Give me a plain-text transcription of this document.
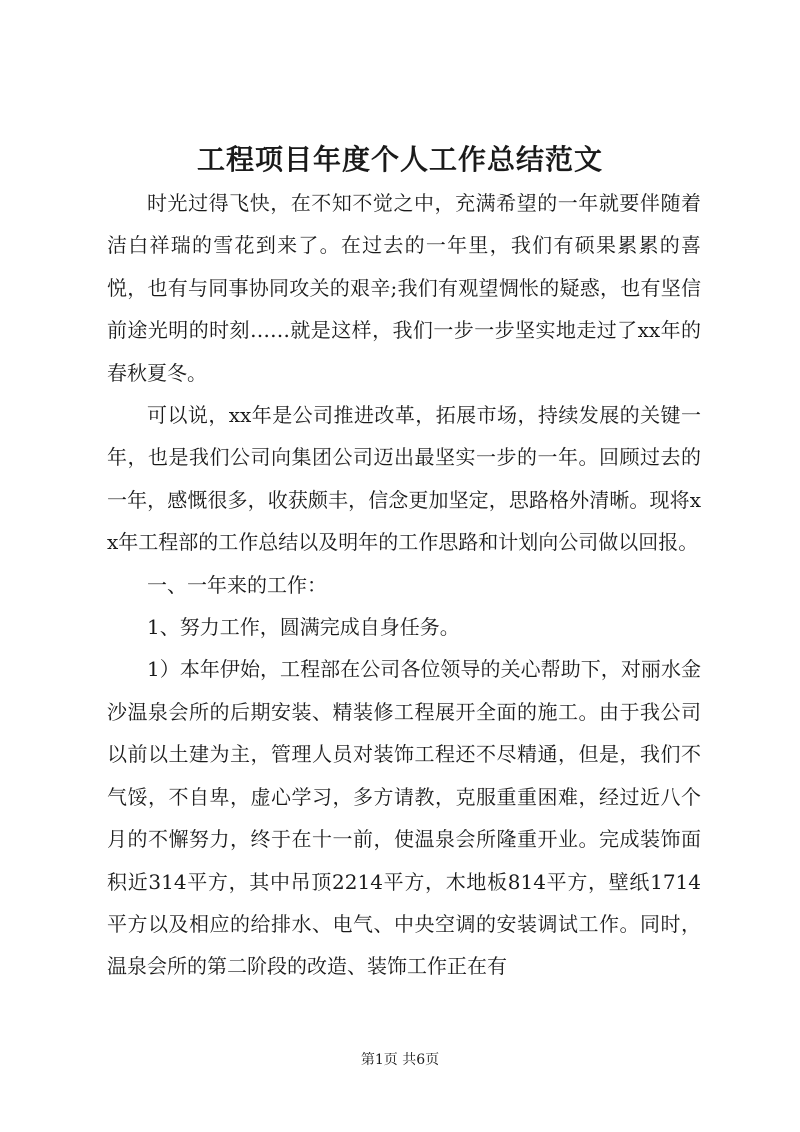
工程项目年度个人工作总结范文

时光过得飞快，在不知不觉之中，充满希望的一年就要伴随着洁白祥瑞的雪花到来了。在过去的一年里，我们有硕果累累的喜悦，也有与同事协同攻关的艰辛;我们有观望惆怅的疑惑，也有坚信前途光明的时刻……就是这样，我们一步一步坚实地走过了xx年的春秋夏冬。

可以说，xx年是公司推进改革，拓展市场，持续发展的关键一年，也是我们公司向集团公司迈出最坚实一步的一年。回顾过去的一年，感慨很多，收获颇丰，信念更加坚定，思路格外清晰。现将xx年工程部的工作总结以及明年的工作思路和计划向公司做以回报。

一、一年来的工作：

1、努力工作，圆满完成自身任务。

1）本年伊始，工程部在公司各位领导的关心帮助下，对丽水金沙温泉会所的后期安装、精装修工程展开全面的施工。由于我公司以前以土建为主，管理人员对装饰工程还不尽精通，但是，我们不气馁，不自卑，虚心学习，多方请教，克服重重困难，经过近八个月的不懈努力，终于在十一前，使温泉会所隆重开业。完成装饰面积近314平方，其中吊顶2214平方，木地板814平方，壁纸1714平方以及相应的给排水、电气、中央空调的安装调试工作。同时，温泉会所的第二阶段的改造、装饰工作正在有

第1页 共6页
